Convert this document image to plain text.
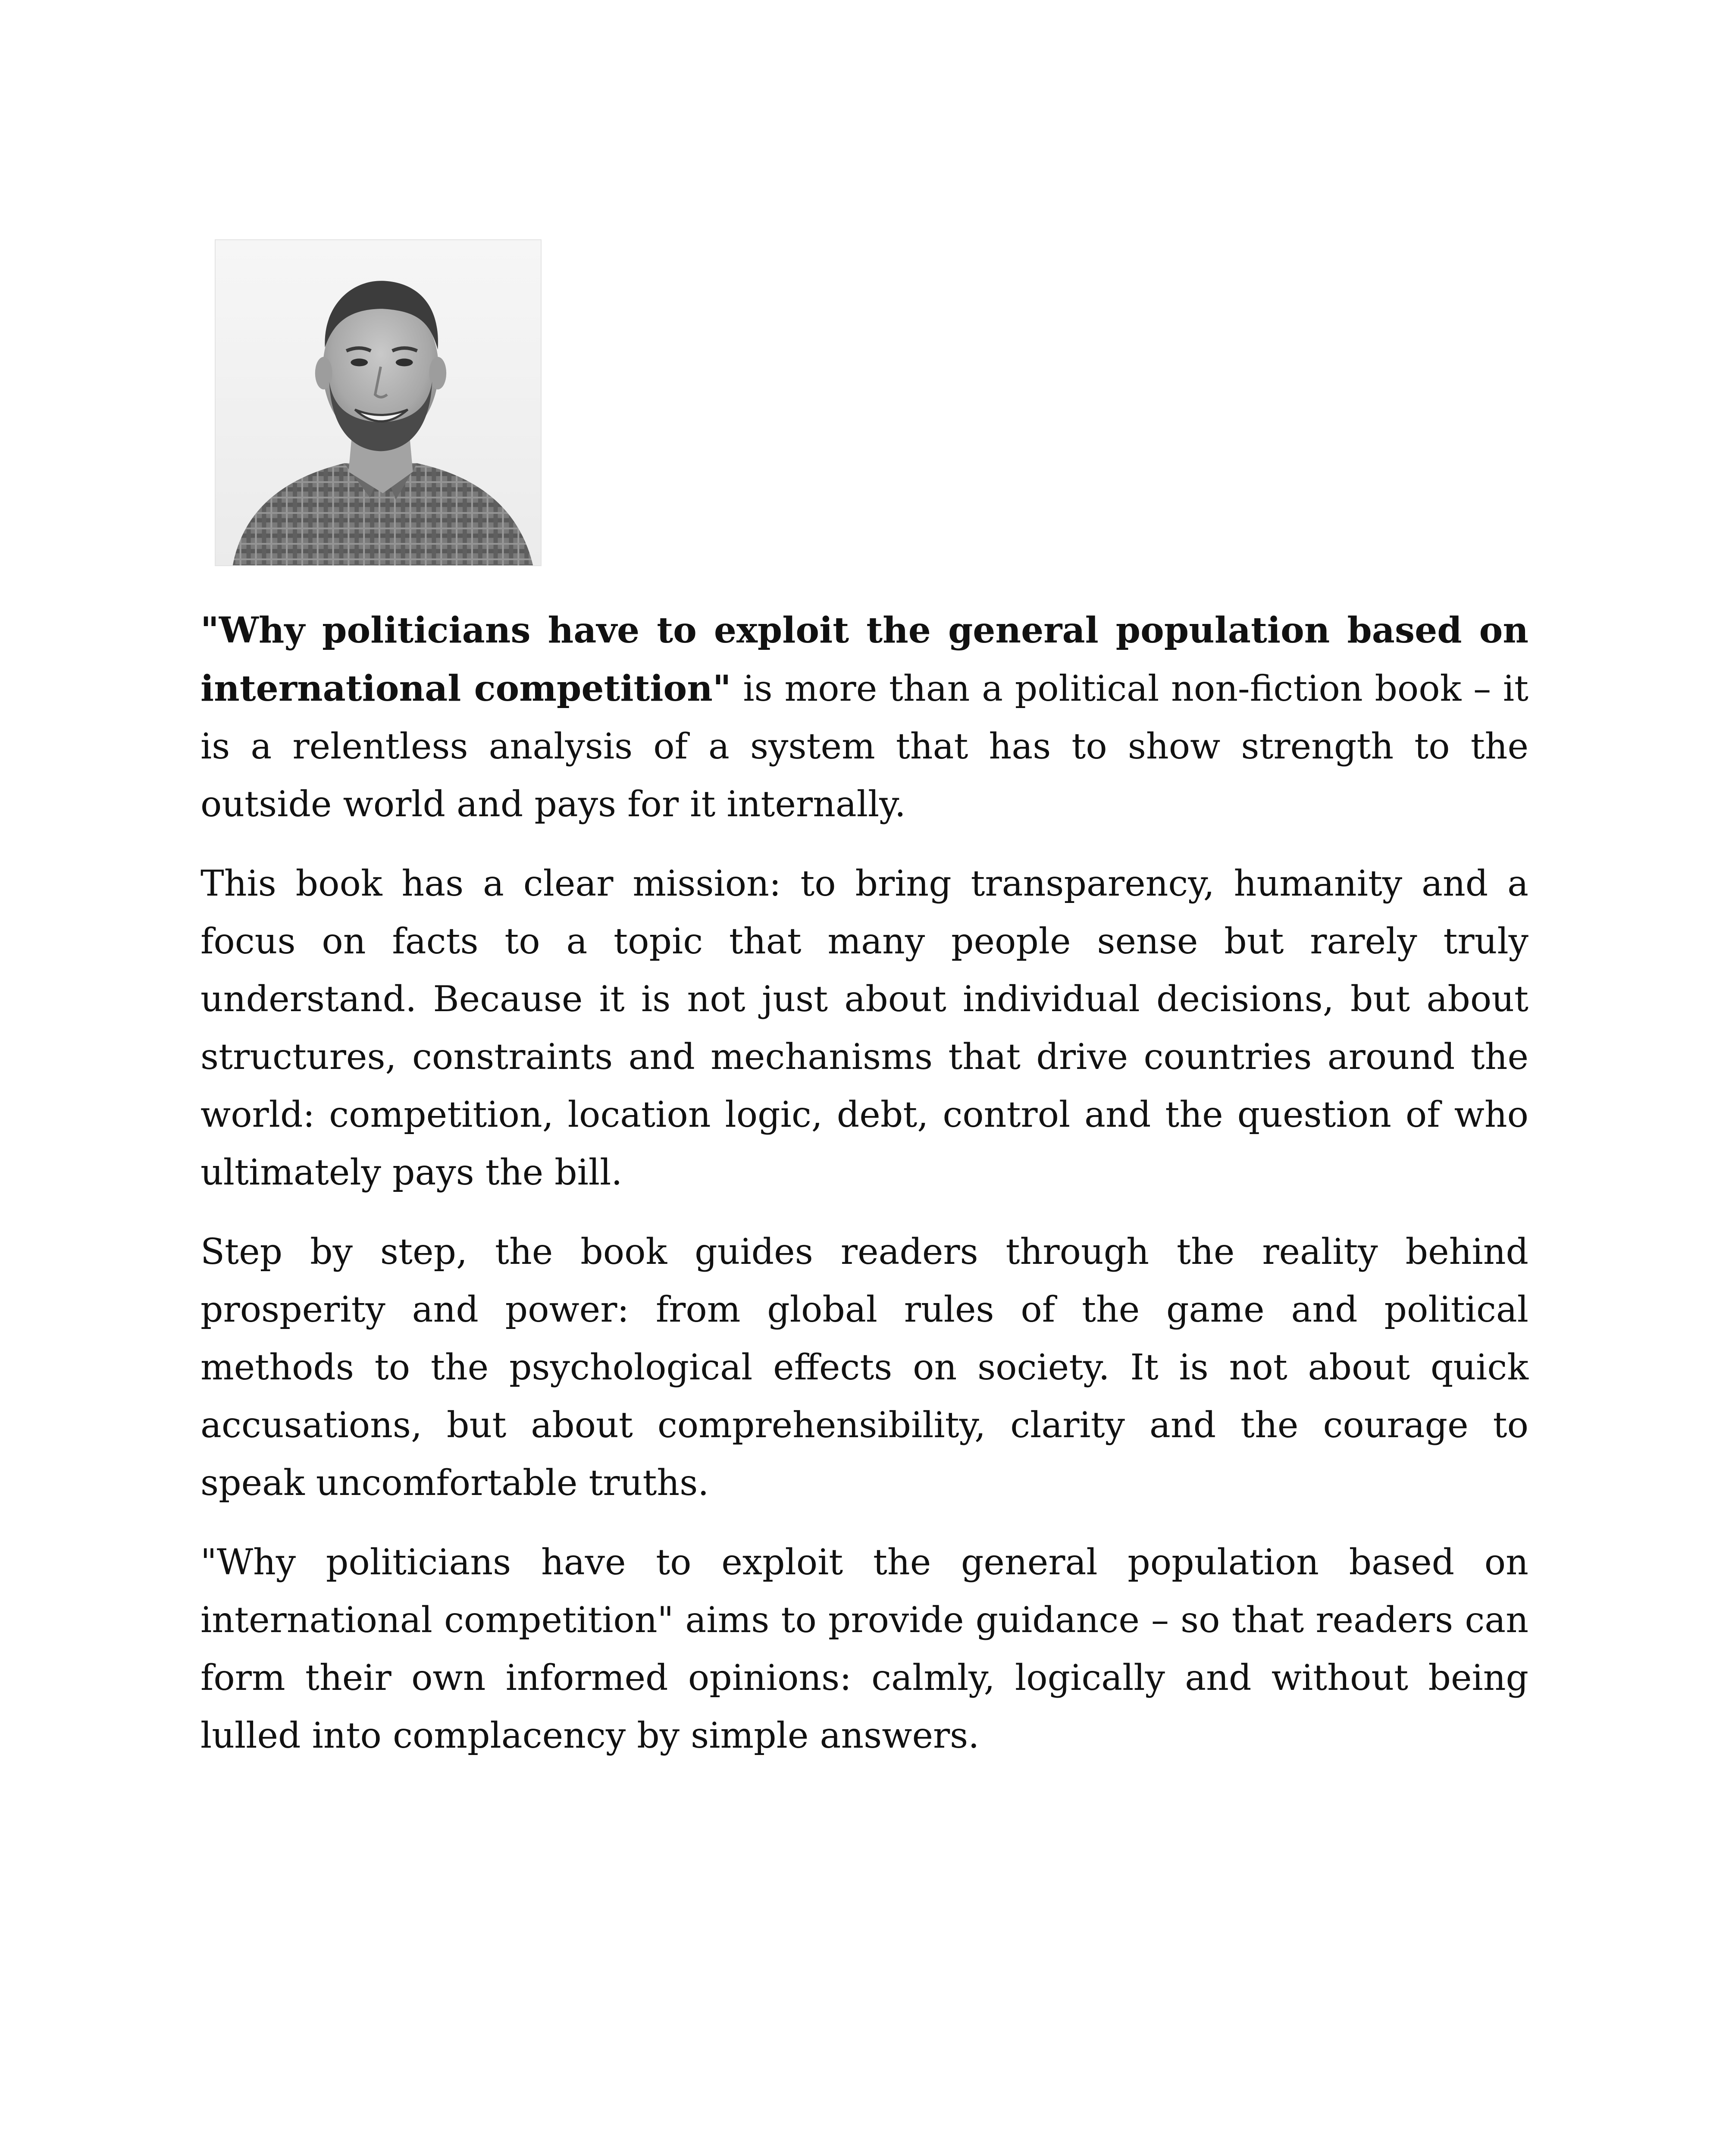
"Why politicians have to exploit the general population based on international competition" is more than a political non-fiction book – it is a relentless analysis of a system that has to show strength to the outside world and pays for it internally.

This book has a clear mission: to bring transparency, humanity and a focus on facts to a topic that many people sense but rarely truly understand. Because it is not just about individual decisions, but about structures, constraints and mechanisms that drive countries around the world: competition, location logic, debt, control and the question of who ultimately pays the bill.

Step by step, the book guides readers through the reality behind prosperity and power: from global rules of the game and political methods to the psychological effects on society. It is not about quick accusations, but about comprehensibility, clarity and the courage to speak uncomfortable truths.

"Why politicians have to exploit the general population based on international competition" aims to provide guidance – so that readers can form their own informed opinions: calmly, logically and without being lulled into complacency by simple answers.
